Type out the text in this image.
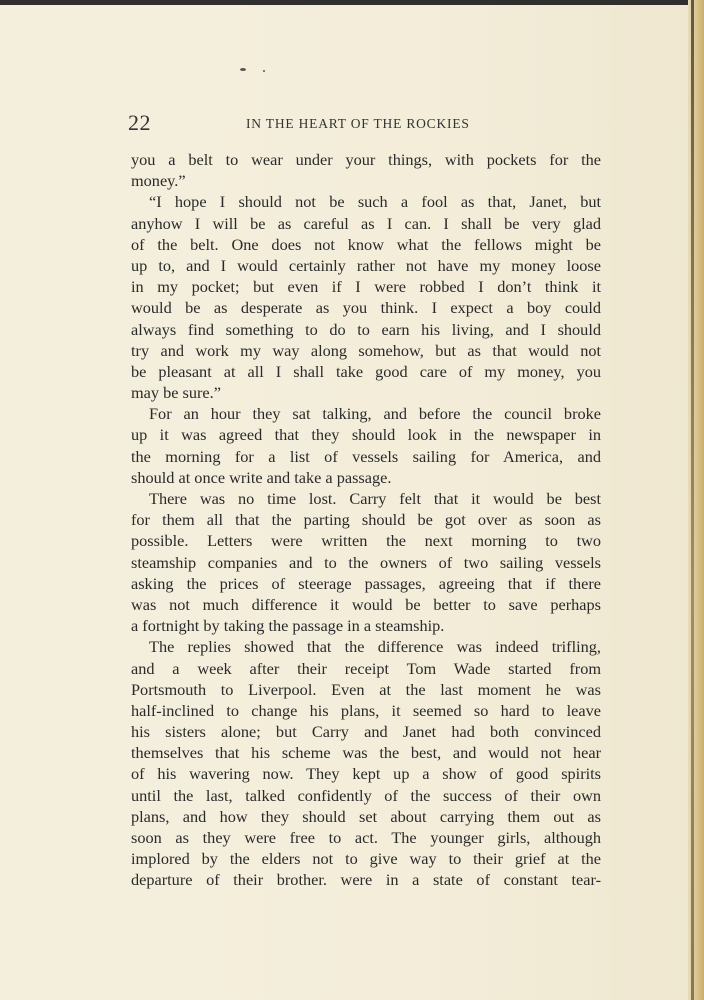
22	IN THE HEART OF THE ROCKIES
you a belt to wear under your things, with pockets for the
money.”
“I hope I should not be such a fool as that, Janet, but
anyhow I will be as careful as I can. I shall be very glad
of the belt. One does not know what the fellows might be
up to, and I would certainly rather not have my money loose
in my pocket; but even if I were robbed I don’t think it
would be as desperate as you think. I expect a boy could
always find something to do to earn his living, and I should
try and work my way along somehow, but as that would not
be pleasant at all I shall take good care of my money, you
may be sure.”
For an hour they sat talking, and before the council broke
up it was agreed that they should look in the newspaper in
the morning for a list of vessels sailing for America, and
should at once write and take a passage.
There was no time lost. Carry felt that it would be best
for them all that the parting should be got over as soon as
possible. Letters were written the next morning to two
steamship companies and to the owners of two sailing vessels
asking the prices of steerage passages, agreeing that if there
was not much difference it would be better to save perhaps
a fortnight by taking the passage in a steamship.
The replies showed that the difference was indeed trifling,
and a week after their receipt Tom Wade started from
Portsmouth to Liverpool. Even at the last moment he was
half-inclined to change his plans, it seemed so hard to leave
his sisters alone; but Carry and Janet had both convinced
themselves that his scheme was the best, and would not hear
of his wavering now. They kept up a show of good spirits
until the last, talked confidently of the success of their own
plans, and how they should set about carrying them out as
soon as they were free to act. The younger girls, although
implored by the elders not to give way to their grief at the
departure of their brother. were in a state of constant tear-
